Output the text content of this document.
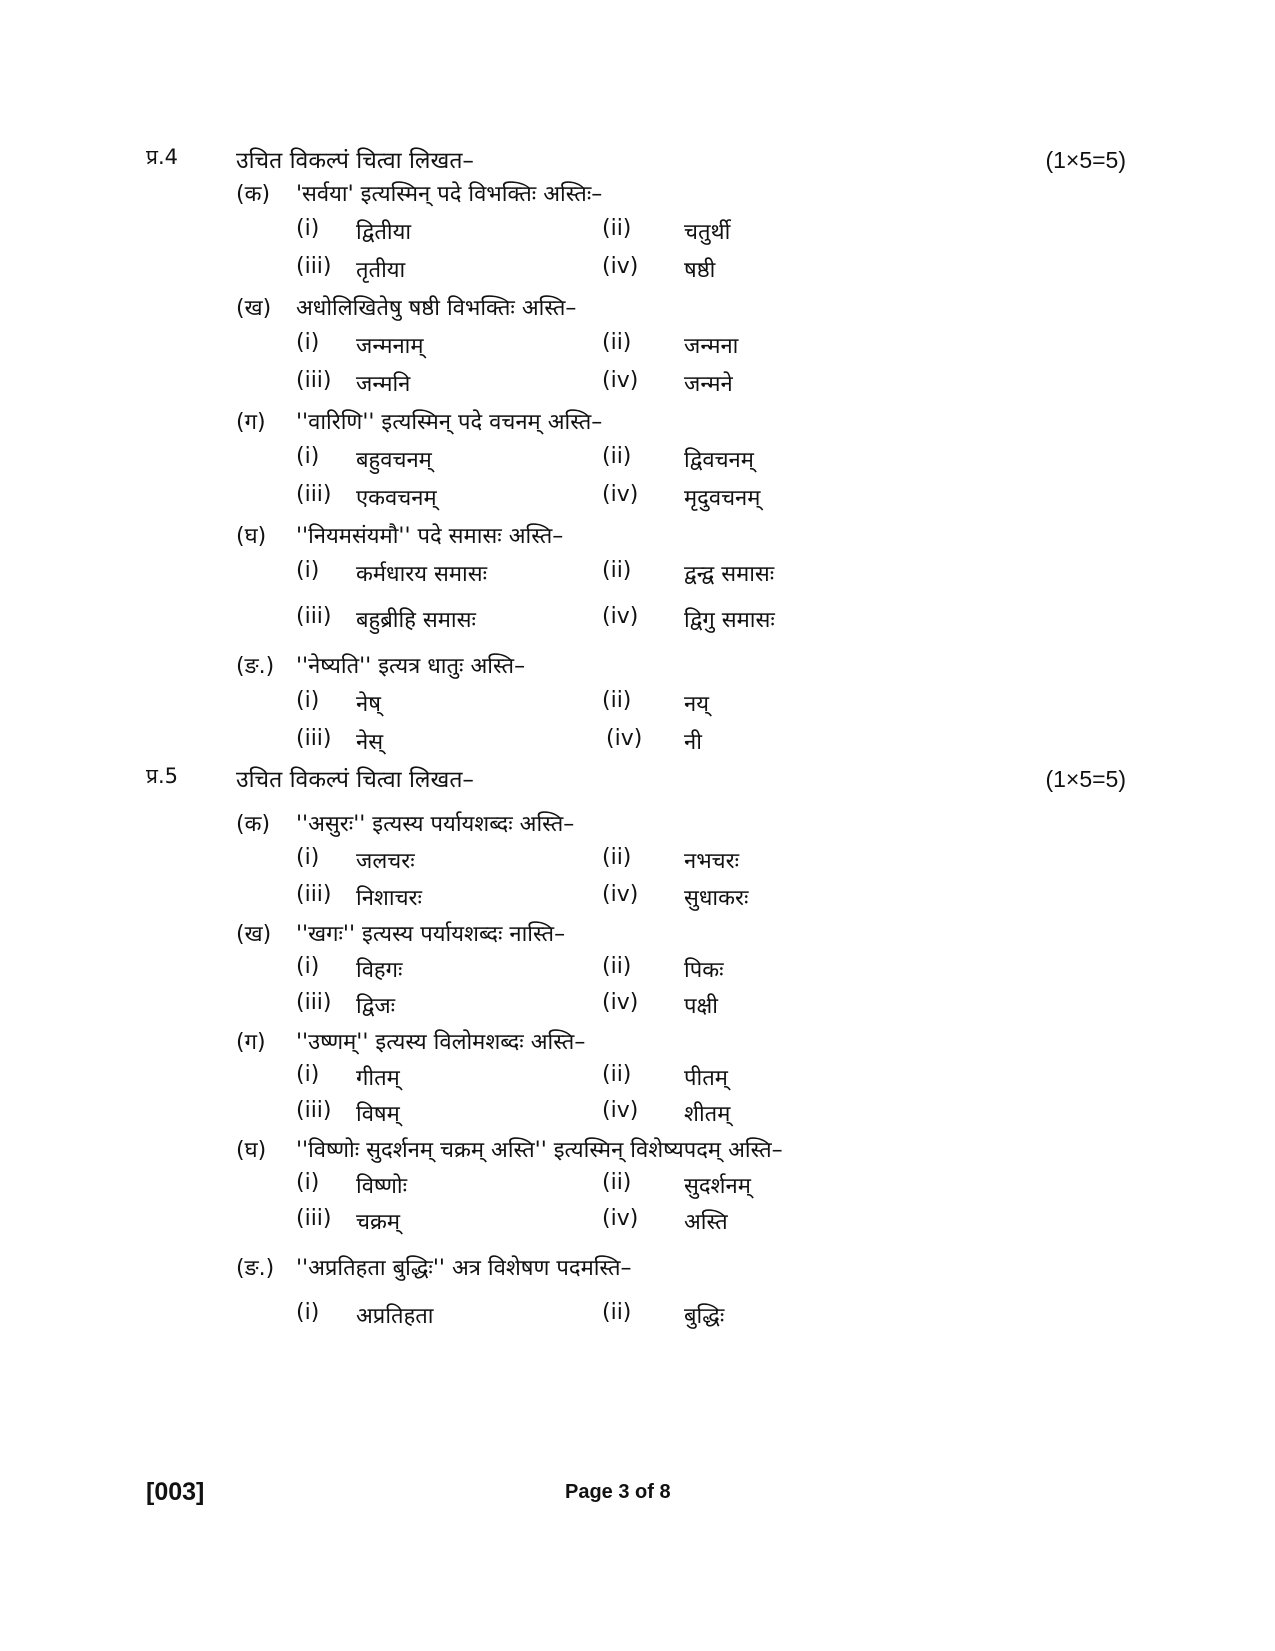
प्र.4	उचित विकल्पं चित्वा लिखत–	(1×5=5)
(क) 'सर्वया' इत्यस्मिन् पदे विभक्तिः अस्तिः–
(i) द्वितीया	(ii) चतुर्थी
(iii) तृतीया	(iv) षष्ठी
(ख) अधोलिखितेषु षष्ठी विभक्तिः अस्ति–
(i) जन्मनाम्	(ii) जन्मना
(iii) जन्मनि	(iv) जन्मने
(ग) ''वारिणि'' इत्यस्मिन् पदे वचनम् अस्ति–
(i) बहुवचनम्	(ii) द्विवचनम्
(iii) एकवचनम्	(iv) मृदुवचनम्
(घ) ''नियमसंयमौ'' पदे समासः अस्ति–
(i) कर्मधारय समासः	(ii) द्वन्द्व समासः
(iii) बहुब्रीहि समासः	(iv) द्विगु समासः
(ङ.) ''नेष्यति'' इत्यत्र धातुः अस्ति–
(i) नेष्	(ii) नय्
(iii) नेस्	(iv) नी
प्र.5	उचित विकल्पं चित्वा लिखत–	(1×5=5)
(क) ''असुरः'' इत्यस्य पर्यायशब्दः अस्ति–
(i) जलचरः	(ii) नभचरः
(iii) निशाचरः	(iv) सुधाकरः
(ख) ''खगः'' इत्यस्य पर्यायशब्दः नास्ति–
(i) विहगः	(ii) पिकः
(iii) द्विजः	(iv) पक्षी
(ग) ''उष्णम्'' इत्यस्य विलोमशब्दः अस्ति–
(i) गीतम्	(ii) पीतम्
(iii) विषम्	(iv) शीतम्
(घ) ''विष्णोः सुदर्शनम् चक्रम् अस्ति'' इत्यस्मिन् विशेष्यपदम् अस्ति–
(i) विष्णोः	(ii) सुदर्शनम्
(iii) चक्रम्	(iv) अस्ति
(ङ.) ''अप्रतिहता बुद्धिः'' अत्र विशेषण पदमस्ति–
(i) अप्रतिहता	(ii) बुद्धिः
[003]	Page 3 of 8
